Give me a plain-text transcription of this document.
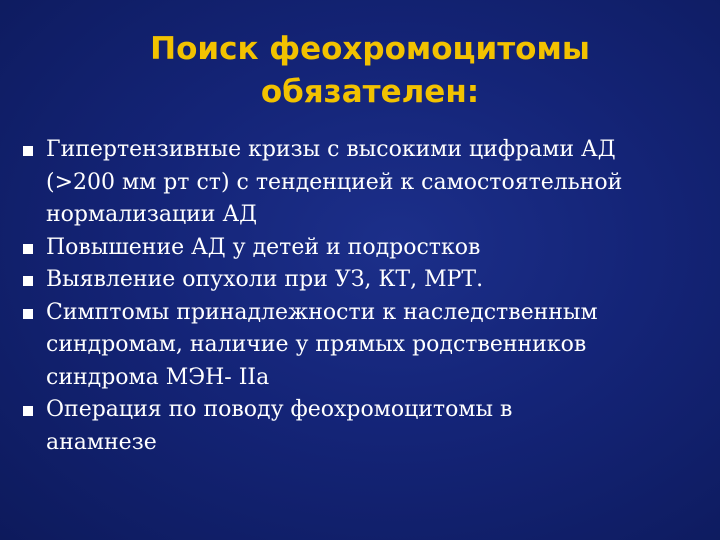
Поиск феохромоцитомы
обязателен:
Гипертензивные кризы с высокими цифрами АД
(>200 мм рт ст) с тенденцией к самостоятельной
нормализации АД
Повышение АД у детей и подростков
Выявление опухоли при УЗ, КТ, МРТ.
Симптомы принадлежности к наследственным
синдромам, наличие у прямых родственников
синдрома МЭН- IIa
Операция по поводу феохромоцитомы в
анамнезе
